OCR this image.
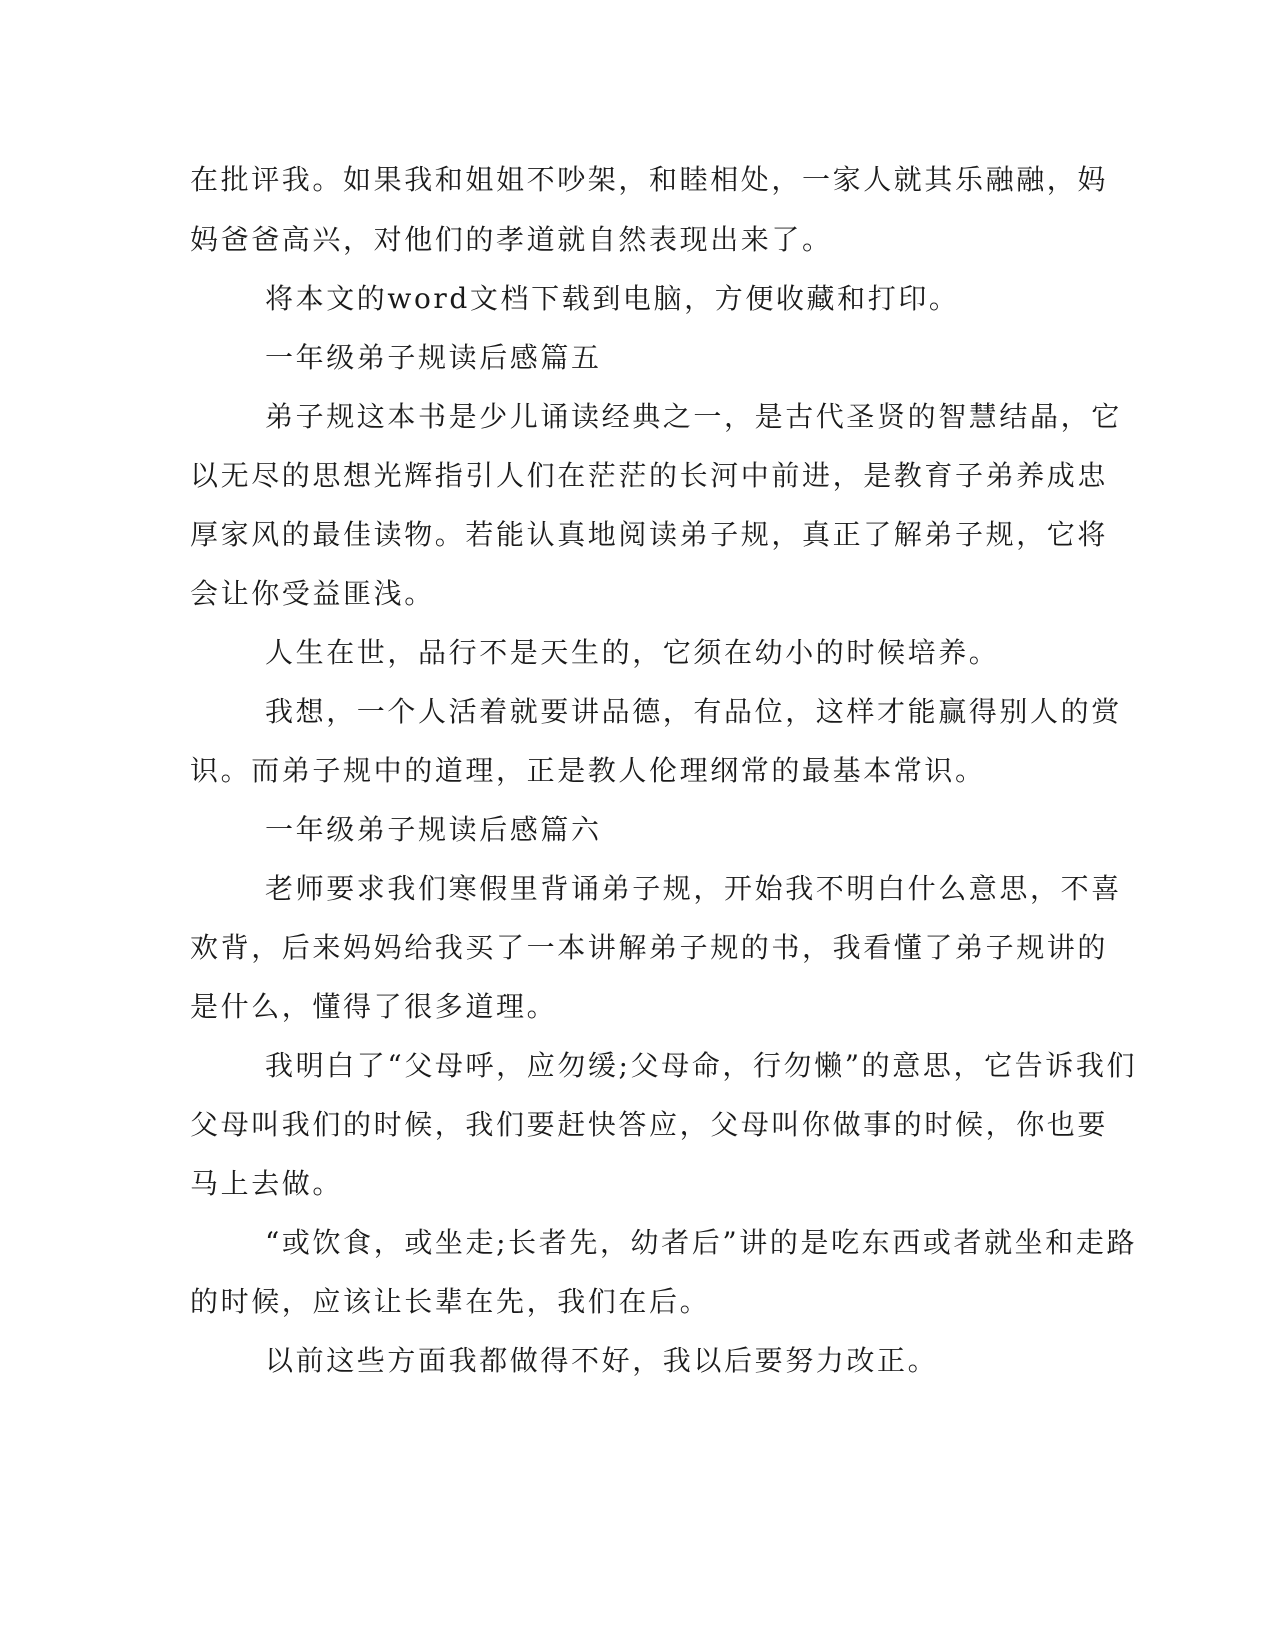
在批评我。如果我和姐姐不吵架，和睦相处，一家人就其乐融融，妈
妈爸爸高兴，对他们的孝道就自然表现出来了。
将本文的word文档下载到电脑，方便收藏和打印。
一年级弟子规读后感篇五
弟子规这本书是少儿诵读经典之一，是古代圣贤的智慧结晶，它
以无尽的思想光辉指引人们在茫茫的长河中前进，是教育子弟养成忠
厚家风的最佳读物。若能认真地阅读弟子规，真正了解弟子规，它将
会让你受益匪浅。
人生在世，品行不是天生的，它须在幼小的时候培养。
我想，一个人活着就要讲品德，有品位，这样才能赢得别人的赏
识。而弟子规中的道理，正是教人伦理纲常的最基本常识。
一年级弟子规读后感篇六
老师要求我们寒假里背诵弟子规，开始我不明白什么意思，不喜
欢背，后来妈妈给我买了一本讲解弟子规的书，我看懂了弟子规讲的
是什么，懂得了很多道理。
我明白了“父母呼，应勿缓;父母命，行勿懒”的意思，它告诉我们
父母叫我们的时候，我们要赶快答应，父母叫你做事的时候，你也要
马上去做。
“或饮食，或坐走;长者先，幼者后”讲的是吃东西或者就坐和走路
的时候，应该让长辈在先，我们在后。
以前这些方面我都做得不好，我以后要努力改正。
